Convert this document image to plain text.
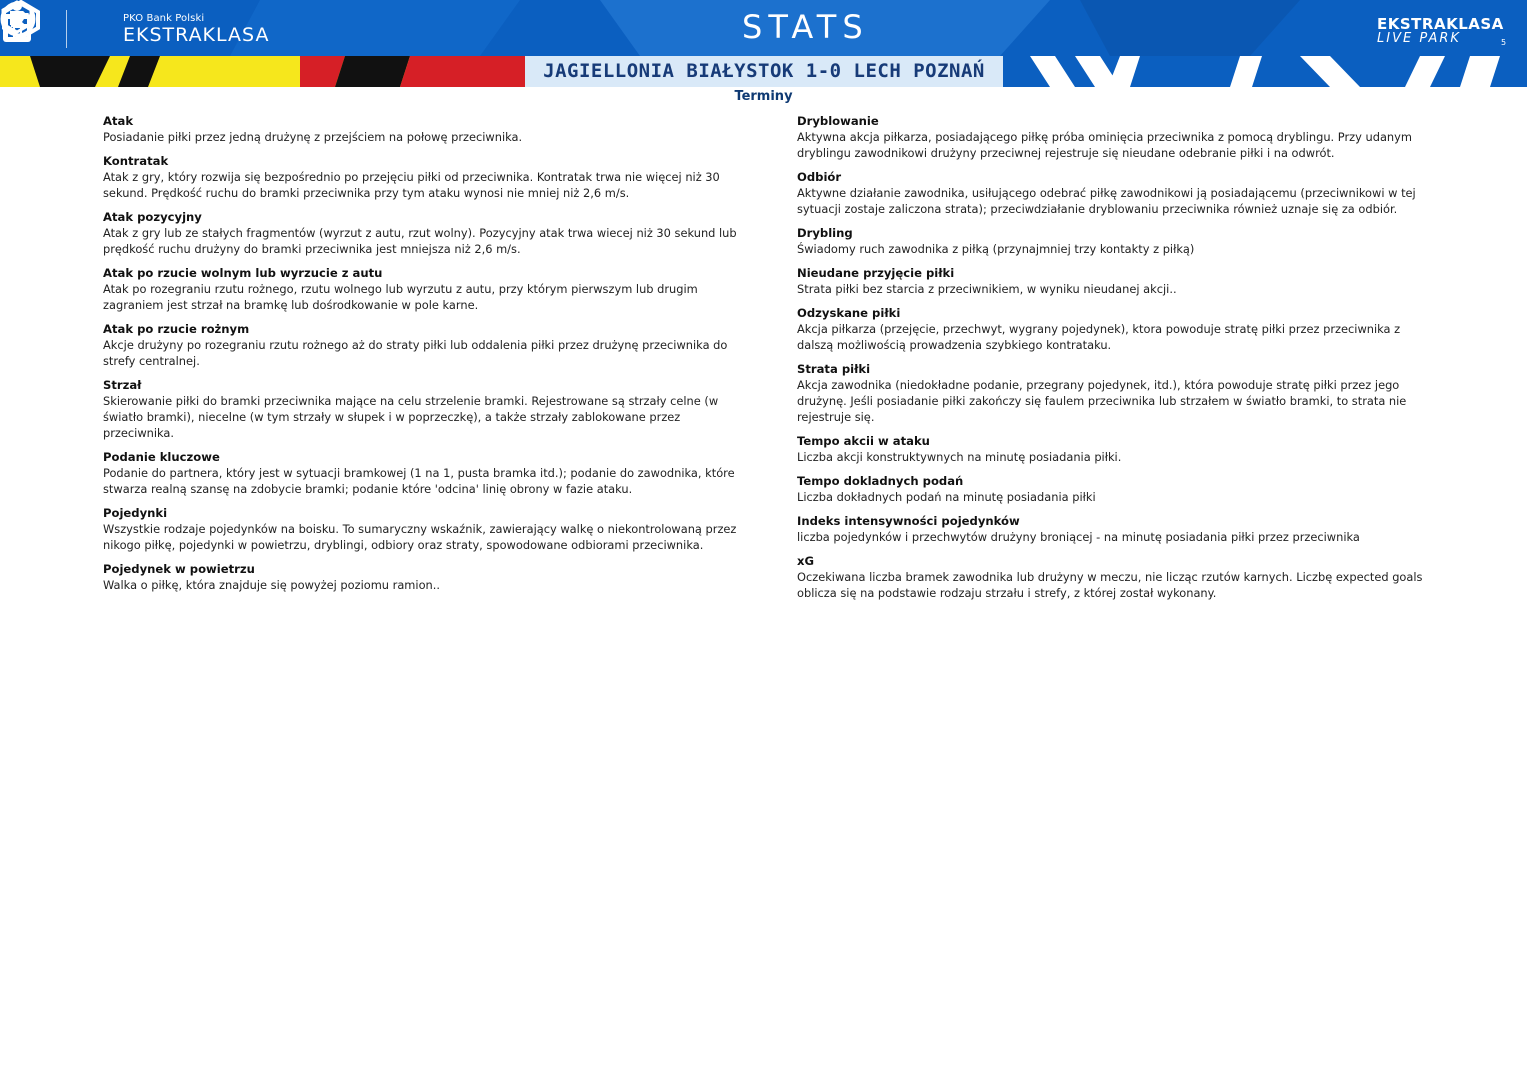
PKO Bank Polski
EKSTRAKLASA	STATS	EKSTRAKLASA
LIVE PARK	5
JAGIELLONIA BIAŁYSTOK 1-0 LECH POZNAŃ
Terminy
Atak

Posiadanie piłki przez jedną drużynę z przejściem na połowę przeciwnika.

Kontratak

Atak z gry, który rozwija się bezpośrednio po przejęciu piłki od przeciwnika. Kontratak trwa nie więcej niż 30 sekund. Prędkość ruchu do bramki przeciwnika przy tym ataku wynosi nie mniej niż 2,6 m/s.

Atak pozycyjny

Atak z gry lub ze stałych fragmentów (wyrzut z autu, rzut wolny). Pozycyjny atak trwa wiecej niż 30 sekund lub prędkość ruchu drużyny do bramki przeciwnika jest mniejsza niż 2,6 m/s.

Atak po rzucie wolnym lub wyrzucie z autu

Atak po rozegraniu rzutu rożnego, rzutu wolnego lub wyrzutu z autu, przy którym pierwszym lub drugim zagraniem jest strzał na bramkę lub dośrodkowanie w pole karne.

Atak po rzucie rożnym

Akcje drużyny po rozegraniu rzutu rożnego aż do straty piłki lub oddalenia piłki przez drużynę przeciwnika do strefy centralnej.

Strzał

Skierowanie piłki do bramki przeciwnika mające na celu strzelenie bramki. Rejestrowane są strzały celne (w światło bramki), niecelne (w tym strzały w słupek i w poprzeczkę), a także strzały zablokowane przez przeciwnika.

Podanie kluczowe

Podanie do partnera, który jest w sytuacji bramkowej (1 na 1, pusta bramka itd.); podanie do zawodnika, które stwarza realną szansę na zdobycie bramki; podanie które 'odcina' linię obrony w fazie ataku.

Pojedynki

Wszystkie rodzaje pojedynków na boisku. To sumaryczny wskaźnik, zawierający walkę o niekontrolowaną przez nikogo piłkę, pojedynki w powietrzu, dryblingi, odbiory oraz straty, spowodowane odbiorami przeciwnika.

Pojedynek w powietrzu

Walka o piłkę, która znajduje się powyżej poziomu ramion..

Dryblowanie

Aktywna akcja piłkarza, posiadającego piłkę próba ominięcia przeciwnika z pomocą dryblingu. Przy udanym dryblingu zawodnikowi drużyny przeciwnej rejestruje się nieudane odebranie piłki i na odwrót.

Odbiór

Aktywne działanie zawodnika, usiłującego odebrać piłkę zawodnikowi ją posiadającemu (przeciwnikowi w tej sytuacji zostaje zaliczona strata); przeciwdziałanie dryblowaniu przeciwnika również uznaje się za odbiór.

Drybling

Świadomy ruch zawodnika z piłką (przynajmniej trzy kontakty z piłką)

Nieudane przyjęcie piłki

Strata piłki bez starcia z przeciwnikiem, w wyniku nieudanej akcji..

Odzyskane piłki

Akcja piłkarza (przejęcie, przechwyt, wygrany pojedynek), ktora powoduje stratę piłki przez przeciwnika z dalszą możliwością prowadzenia szybkiego kontrataku.

Strata piłki

Akcja zawodnika (niedokładne podanie, przegrany pojedynek, itd.), która powoduje stratę piłki przez jego drużynę. Jeśli posiadanie piłki zakończy się faulem przeciwnika lub strzałem w światło bramki, to strata nie rejestruje się.

Tempo akcii w ataku

Liczba akcji konstruktywnych na minutę posiadania piłki.

Tempo dokladnych podań

Liczba dokładnych podań na minutę posiadania piłki

Indeks intensywności pojedynków

liczba pojedynków i przechwytów drużyny broniącej - na minutę posiadania piłki przez przeciwnika

xG

Oczekiwana liczba bramek zawodnika lub drużyny w meczu, nie licząc rzutów karnych. Liczbę expected goals oblicza się na podstawie rodzaju strzału i strefy, z której został wykonany.
